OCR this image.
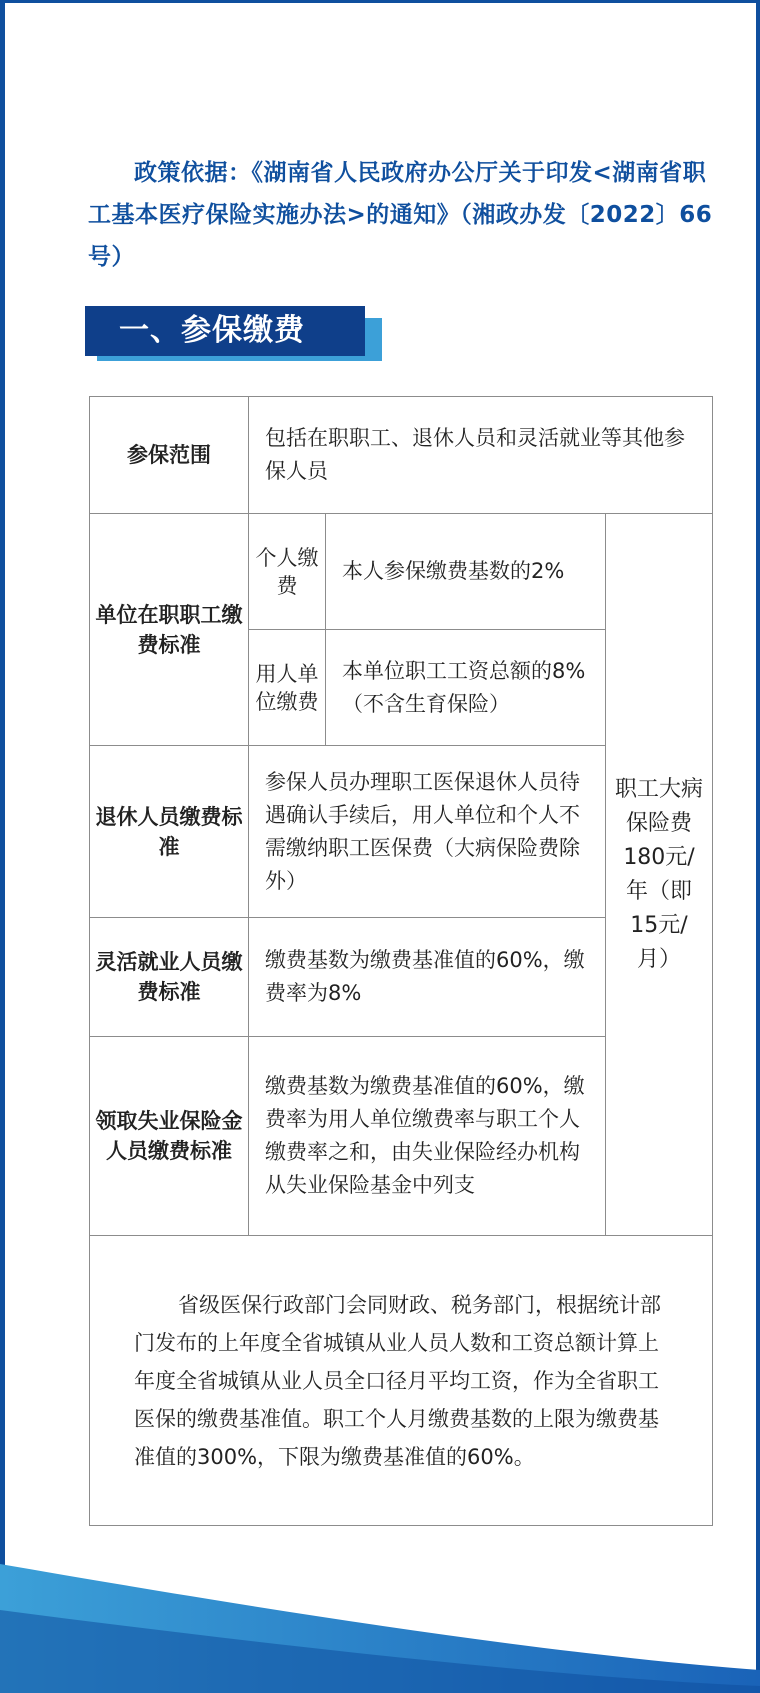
政策依据：《湖南省人民政府办公厅关于印发<湖南省职工基本医疗保险实施办法>的通知》（湘政办发〔2022〕66号）
一、参保缴费
参保范围	包括在职职工、退休人员和灵活就业等其他参保人员		
单位在职职工缴费标准	个人缴费	本人参保缴费基数的2%	职工大病保险费180元/年（即15元/月）
	用人单位缴费	本单位职工工资总额的8%（不含生育保险）	
退休人员缴费标准	参保人员办理职工医保退休人员待遇确认手续后，用人单位和个人不需缴纳职工医保费（大病保险费除外）		
灵活就业人员缴费标准	缴费基数为缴费基准值的60%，缴费率为8%		
领取失业保险金人员缴费标准	缴费基数为缴费基准值的60%，缴费率为用人单位缴费率与职工个人缴费率之和，由失业保险经办机构从失业保险基金中列支		
省级医保行政部门会同财政、税务部门，根据统计部门发布的上年度全省城镇从业人员人数和工资总额计算上年度全省城镇从业人员全口径月平均工资，作为全省职工医保的缴费基准值。职工个人月缴费基数的上限为缴费基准值的300%，下限为缴费基准值的60%。			
